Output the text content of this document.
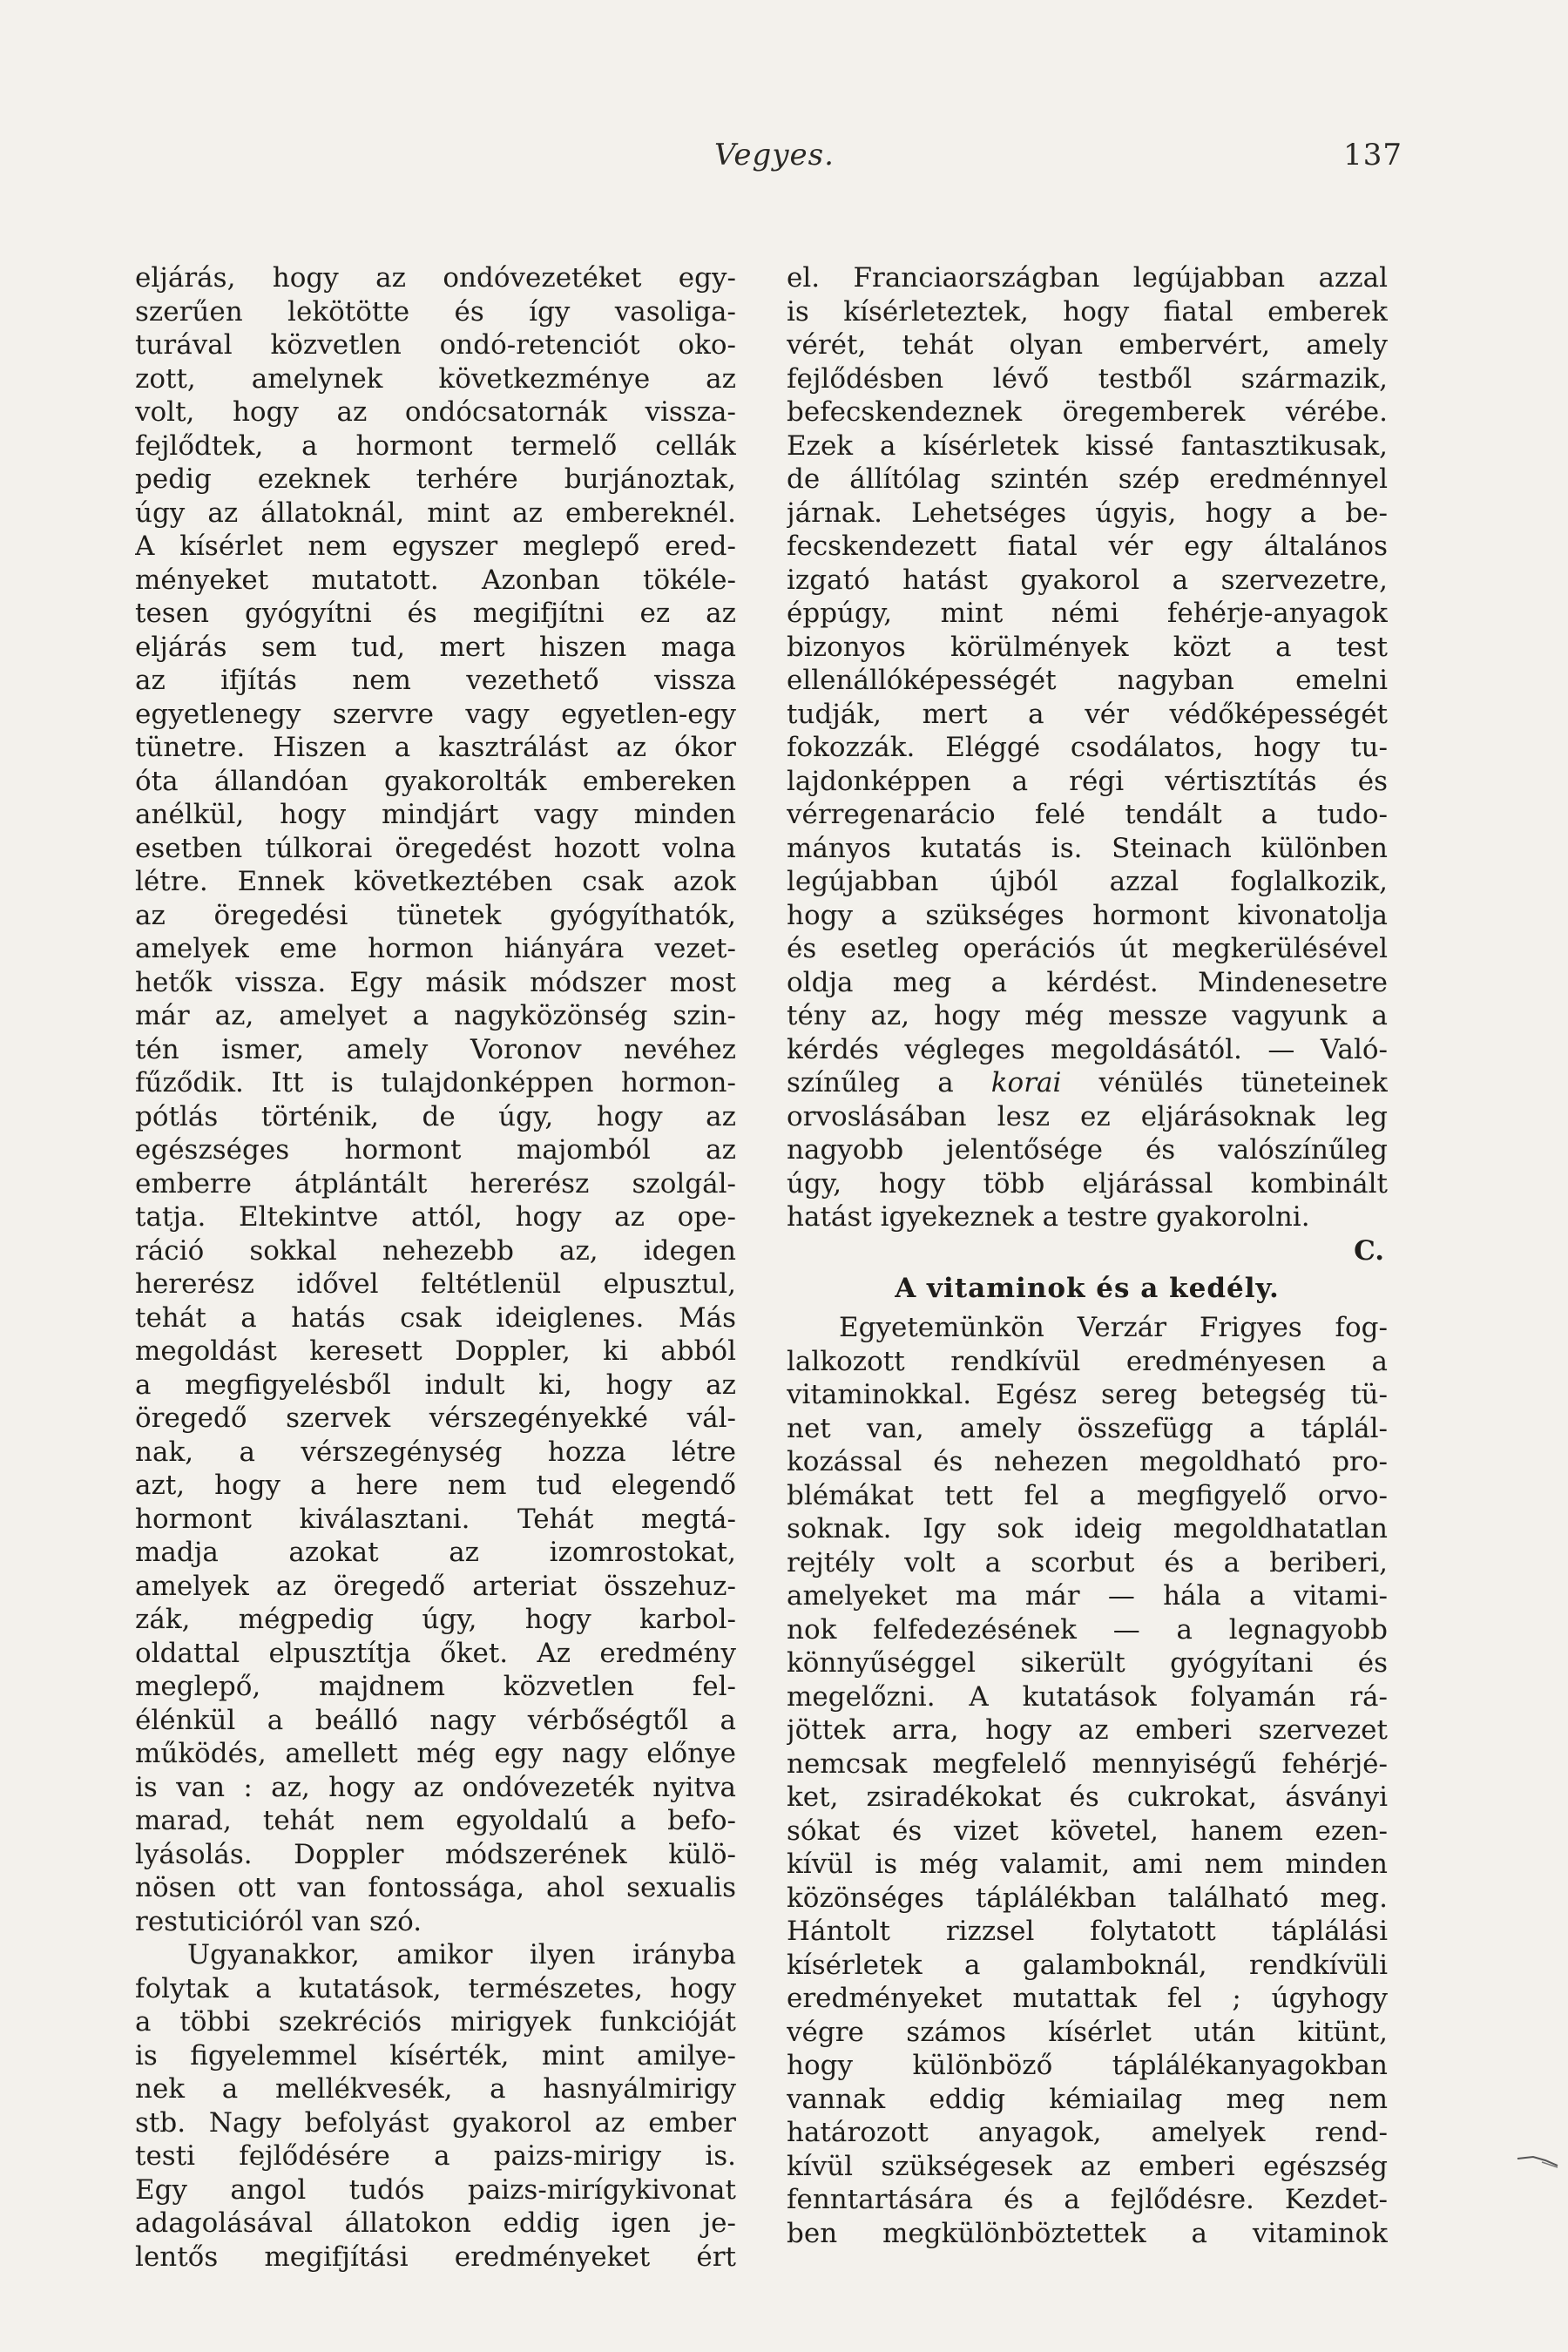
Vegyes.	137
eljárás, hogy az ondóvezetéket egy-
szerűen lekötötte és így vasoliga-
turával közvetlen ondó-retenciót oko-
zott, amelynek következménye az
volt, hogy az ondócsatornák vissza-
fejlődtek, a hormont termelő cellák
pedig ezeknek terhére burjánoztak,
úgy az állatoknál, mint az embereknél.
A kísérlet nem egyszer meglepő ered-
ményeket mutatott. Azonban tökéle-
tesen gyógyítni és megifjítni ez az
eljárás sem tud, mert hiszen maga
az ifjítás nem vezethető vissza
egyetlenegy szervre vagy egyetlen-egy
tünetre. Hiszen a kasztrálást az ókor
óta állandóan gyakorolták embereken
anélkül, hogy mindjárt vagy minden
esetben túlkorai öregedést hozott volna
létre. Ennek következtében csak azok
az öregedési tünetek gyógyíthatók,
amelyek eme hormon hiányára vezet-
hetők vissza. Egy másik módszer most
már az, amelyet a nagyközönség szin-
tén ismer, amely Voronov nevéhez
fűződik. Itt is tulajdonképpen hormon-
pótlás történik, de úgy, hogy az
egészséges hormont majomból az
emberre átplántált hererész szolgál-
tatja. Eltekintve attól, hogy az ope-
ráció sokkal nehezebb az, idegen
hererész idővel feltétlenül elpusztul,
tehát a hatás csak ideiglenes. Más
megoldást keresett Doppler, ki abból
a megfigyelésből indult ki, hogy az
öregedő szervek vérszegényekké vál-
nak, a vérszegénység hozza létre
azt, hogy a here nem tud elegendő
hormont kiválasztani. Tehát megtá-
madja azokat az izomrostokat,
amelyek az öregedő arteriat összehuz-
zák, mégpedig úgy, hogy karbol-
oldattal elpusztítja őket. Az eredmény
meglepő, majdnem közvetlen fel-
élénkül a beálló nagy vérbőségtől a
működés, amellett még egy nagy előnye
is van : az, hogy az ondóvezeték nyitva
marad, tehát nem egyoldalú a befo-
lyásolás. Doppler módszerének külö-
nösen ott van fontossága, ahol sexualis
restuticióról van szó.
Ugyanakkor, amikor ilyen irányba
folytak a kutatások, természetes, hogy
a többi szekréciós mirigyek funkcióját
is figyelemmel kísérték, mint amilye-
nek a mellékvesék, a hasnyálmirigy
stb. Nagy befolyást gyakorol az ember
testi fejlődésére a paizs-mirigy is.
Egy angol tudós paizs-mirígykivonat
adagolásával állatokon eddig igen je-
lentős megifjítási eredményeket ért
el. Franciaországban legújabban azzal
is kísérleteztek, hogy fiatal emberek
vérét, tehát olyan embervért, amely
fejlődésben lévő testből származik,
befecskendeznek öregemberek vérébe.
Ezek a kísérletek kissé fantasztikusak,
de állítólag szintén szép eredménnyel
járnak. Lehetséges úgyis, hogy a be-
fecskendezett fiatal vér egy általános
izgató hatást gyakorol a szervezetre,
éppúgy, mint némi fehérje-anyagok
bizonyos körülmények közt a test
ellenállóképességét nagyban emelni
tudják, mert a vér védőképességét
fokozzák. Eléggé csodálatos, hogy tu-
lajdonképpen a régi vértisztítás és
vérregenarácio felé tendált a tudo-
mányos kutatás is. Steinach különben
legújabban újból azzal foglalkozik,
hogy a szükséges hormont kivonatolja
és esetleg operációs út megkerülésével
oldja meg a kérdést. Mindenesetre
tény az, hogy még messze vagyunk a
kérdés végleges megoldásától. — Való-
színűleg a korai vénülés tüneteinek
orvoslásában lesz ez eljárásoknak leg
nagyobb jelentősége és valószínűleg
úgy, hogy több eljárással kombinált
hatást igyekeznek a testre gyakorolni.
C.
A vitaminok és a kedély.
Egyetemünkön Verzár Frigyes fog-
lalkozott rendkívül eredményesen a
vitaminokkal. Egész sereg betegség tü-
net van, amely összefügg a táplál-
kozással és nehezen megoldható pro-
blémákat tett fel a megfigyelő orvo-
soknak. Igy sok ideig megoldhatatlan
rejtély volt a scorbut és a beriberi,
amelyeket ma már — hála a vitami-
nok felfedezésének — a legnagyobb
könnyűséggel sikerült gyógyítani és
megelőzni. A kutatások folyamán rá-
jöttek arra, hogy az emberi szervezet
nemcsak megfelelő mennyiségű fehérjé-
ket, zsiradékokat és cukrokat, ásványi
sókat és vizet követel, hanem ezen-
kívül is még valamit, ami nem minden
közönséges táplálékban található meg.
Hántolt rizzsel folytatott táplálási
kísérletek a galamboknál, rendkívüli
eredményeket mutattak fel ; úgyhogy
végre számos kísérlet után kitünt,
hogy különböző táplálékanyagokban
vannak eddig kémiailag meg nem
határozott anyagok, amelyek rend-
kívül szükségesek az emberi egészség
fenntartására és a fejlődésre. Kezdet-
ben megkülönböztettek a vitaminok
